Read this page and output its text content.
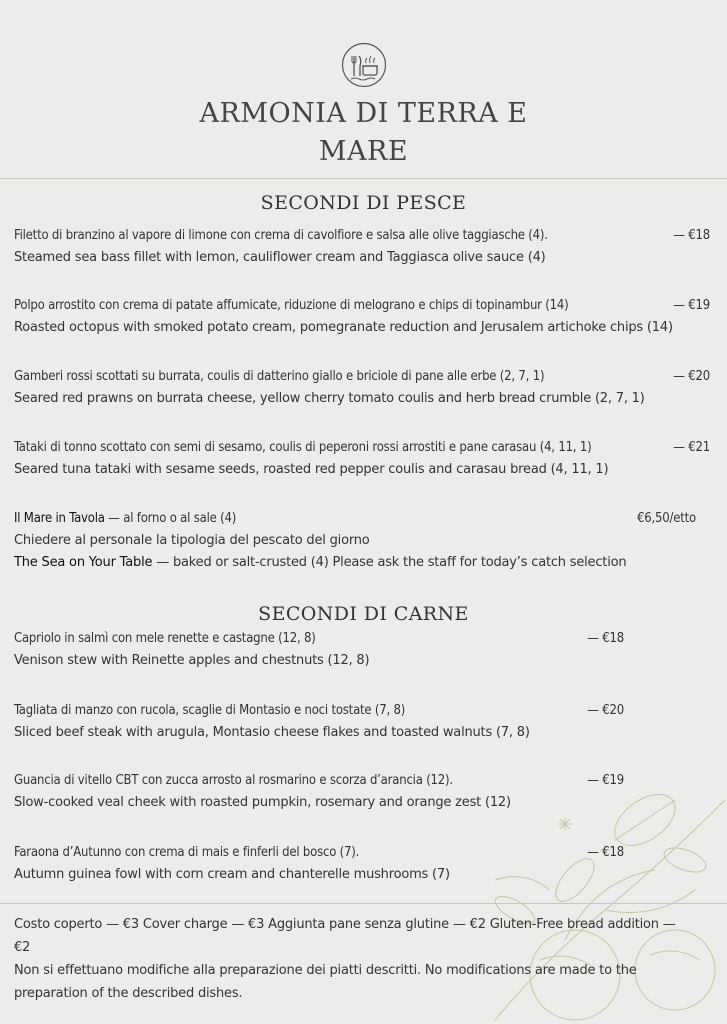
ARMONIA DI TERRA E
MARE
SECONDI DI PESCE
Filetto di branzino al vapore di limone con crema di cavolfiore e salsa alle olive taggiasche (4).	— €18
Steamed sea bass fillet with lemon, cauliflower cream and Taggiasca olive sauce (4)
Polpo arrostito con crema di patate affumicate, riduzione di melograno e chips di topinambur (14)	— €19
Roasted octopus with smoked potato cream, pomegranate reduction and Jerusalem artichoke chips (14)
Gamberi rossi scottati su burrata, coulis di datterino giallo e briciole di pane alle erbe (2, 7, 1)	— €20
Seared red prawns on burrata cheese, yellow cherry tomato coulis and herb bread crumble (2, 7, 1)
Tataki di tonno scottato con semi di sesamo, coulis di peperoni rossi arrostiti e pane carasau (4, 11, 1)	— €21
Seared tuna tataki with sesame seeds, roasted red pepper coulis and carasau bread (4, 11, 1)
Il Mare in Tavola — al forno o al sale (4)	€6,50/etto
Chiedere al personale la tipologia del pescato del giorno
The Sea on Your Table — baked or salt-crusted (4) Please ask the staff for today’s catch selection
SECONDI DI CARNE
Capriolo in salmì con mele renette e castagne (12, 8)	— €18
Venison stew with Reinette apples and chestnuts (12, 8)
Tagliata di manzo con rucola, scaglie di Montasio e noci tostate (7, 8)	— €20
Sliced beef steak with arugula, Montasio cheese flakes and toasted walnuts (7, 8)
Guancia di vitello CBT con zucca arrosto al rosmarino e scorza d’arancia (12).	— €19
Slow-cooked veal cheek with roasted pumpkin, rosemary and orange zest (12)
Faraona d’Autunno con crema di mais e finferli del bosco (7).	— €18
Autumn guinea fowl with corn cream and chanterelle mushrooms (7)
Costo coperto — €3 Cover charge — €3 Aggiunta pane senza glutine — €2 Gluten-Free bread addition — €2
Non si effettuano modifiche alla preparazione dei piatti descritti. No modifications are made to the preparation of the described dishes.
